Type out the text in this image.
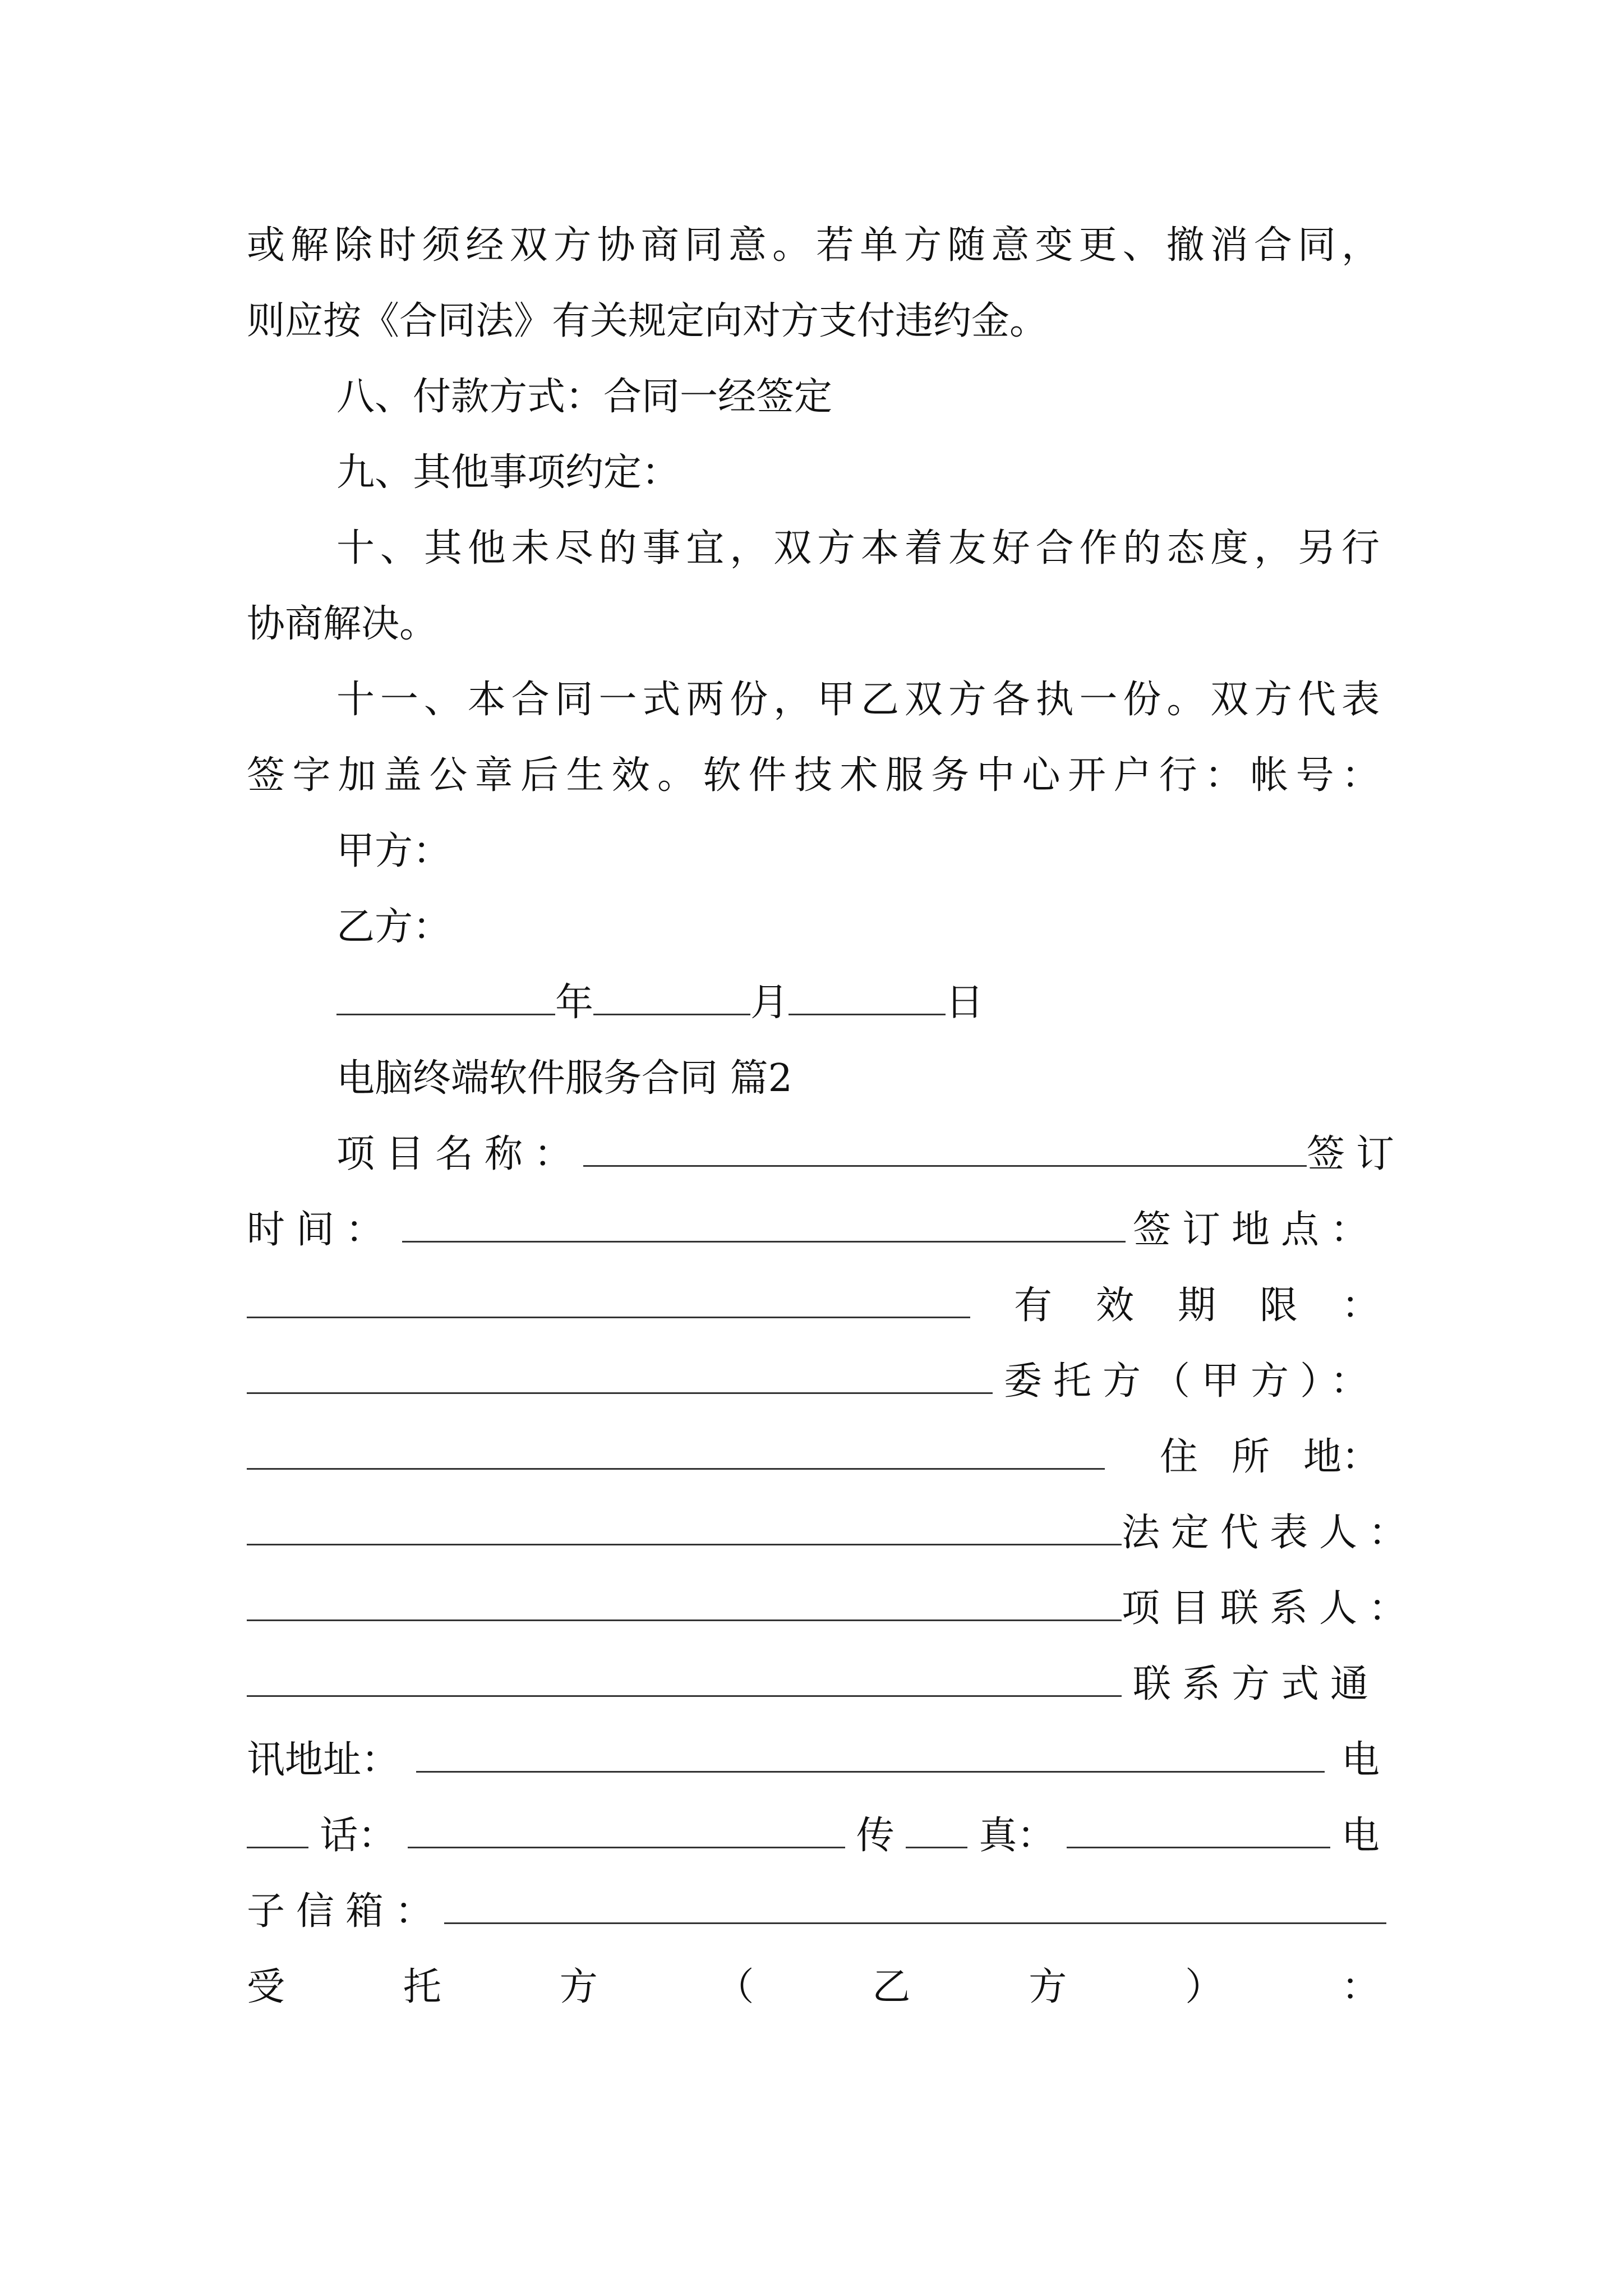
或解除时须经双方协商同意。若单方随意变更、撤消合同，
则应按《合同法》有关规定向对方支付违约金。
八、付款方式：合同一经签定
九、其他事项约定：
十、其他未尽的事宜，双方本着友好合作的态度，另行
协商解决。
十一、本合同一式两份，甲乙双方各执一份。双方代表
签字加盖公章后生效。软件技术服务中心开户行：帐号：
甲方：
乙方：
年	月	日
电脑终端软件服务合同 篇2
项目名称：	签订
时间：	签订地点：
有 效 期 限 ：
委托方（甲方）：
住 所 地：
法定代表人：
项目联系人：
联系方式通
讯地址：	电
话：	传 真：	电
子信箱：
受	托	方	（	乙	方	）	：
